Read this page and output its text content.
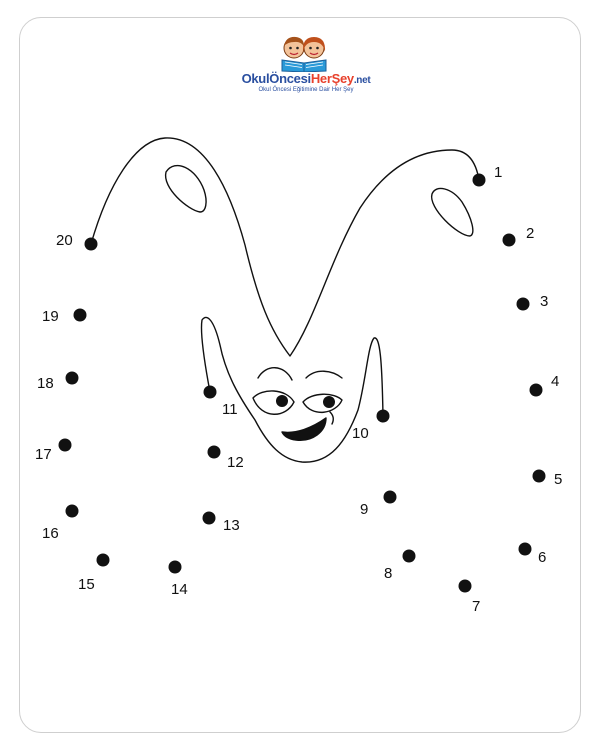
OkulÖncesiHerŞey.net
Okul Öncesi Eğitimine Dair Her Şey
1
2
3
4
5
6
7
8
9
10
11
12
13
14
15
16
17
18
19
20
